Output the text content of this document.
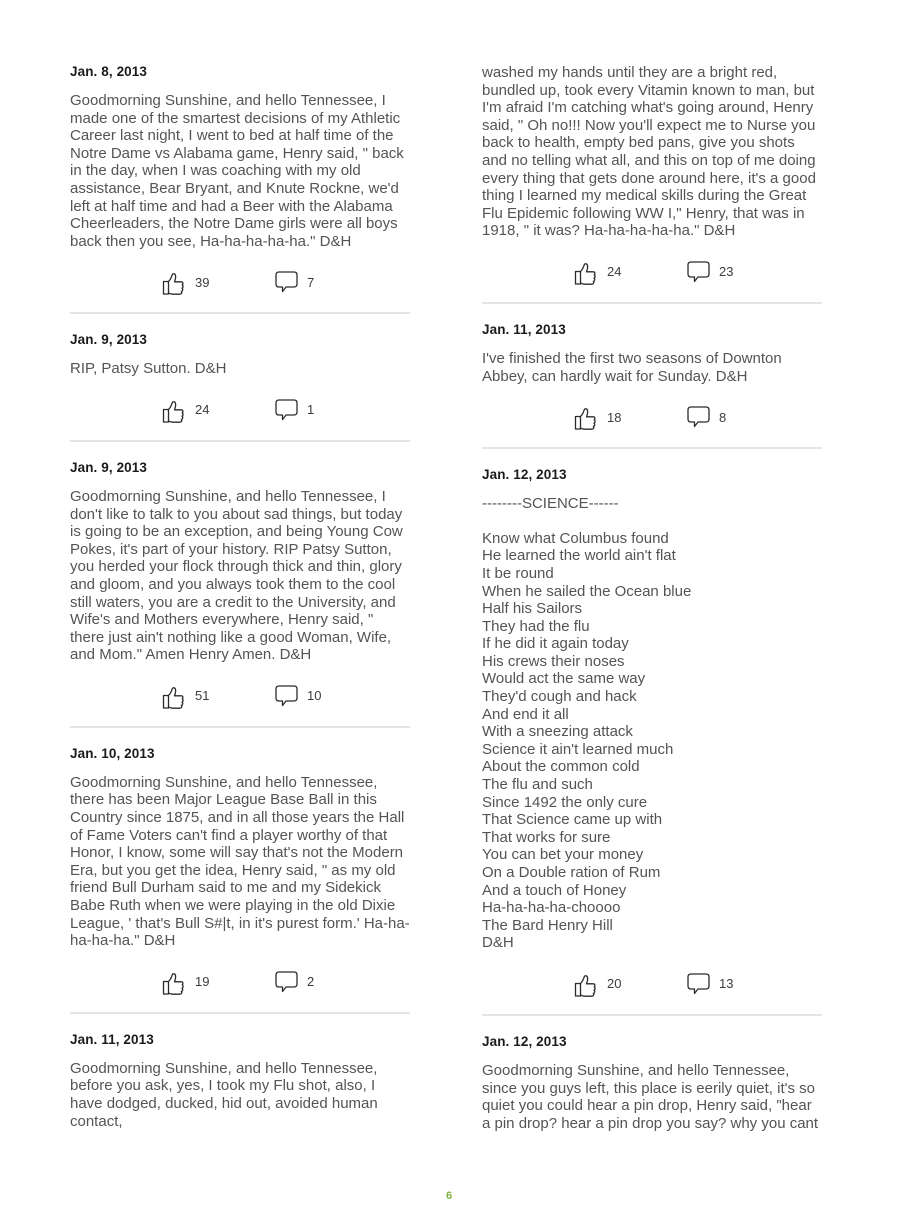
Jan. 8, 2013

Goodmorning Sunshine, and hello Tennessee, I made one of the smartest decisions of my Athletic Career last night, I went to bed at half time of the Notre Dame vs Alabama game, Henry said, " back in the day, when I was coaching with my old assistance, Bear Bryant, and Knute Rockne, we'd left at half time and had a Beer with the Alabama Cheerleaders, the Notre Dame girls were all boys back then you see, Ha-ha-ha-ha-ha." D&H

39	7
Jan. 9, 2013

RIP, Patsy Sutton. D&H

24	1
Jan. 9, 2013

Goodmorning Sunshine, and hello Tennessee, I don't like to talk to you about sad things, but today is going to be an exception, and being Young Cow Pokes, it's part of your history. RIP Patsy Sutton, you herded your flock through thick and thin, glory and gloom, and you always took them to the cool still waters, you are a credit to the University, and Wife's and Mothers everywhere, Henry said, " there just ain't nothing like a good Woman, Wife, and Mom." Amen Henry Amen. D&H

51	10
Jan. 10, 2013

Goodmorning Sunshine, and hello Tennessee, there has been Major League Base Ball in this Country since 1875, and in all those years the Hall of Fame Voters can't find a player worthy of that Honor, I know, some will say that's not the Modern Era, but you get the idea, Henry said, " as my old friend Bull Durham said to me and my Sidekick Babe Ruth when we were playing in the old Dixie League, ' that's Bull S#|t, in it's purest form.' Ha-ha-ha-ha-ha." D&H

19	2
Jan. 11, 2013

Goodmorning Sunshine, and hello Tennessee, before you ask, yes, I took my Flu shot, also, I have dodged, ducked, hid out, avoided human contact,

washed my hands until they are a bright red, bundled up, took every Vitamin known to man, but I'm afraid I'm catching what's going around, Henry said, " Oh no!!! Now you'll expect me to Nurse you back to health, empty bed pans, give you shots and no telling what all, and this on top of me doing every thing that gets done around here, it's a good thing I learned my medical skills during the Great Flu Epidemic following WW I," Henry, that was in 1918, " it was? Ha-ha-ha-ha-ha." D&H

24	23
Jan. 11, 2013

I've finished the first two seasons of Downton Abbey, can hardly wait for Sunday. D&H

18	8
Jan. 12, 2013

--------SCIENCE------

Know what Columbus found
He learned the world ain't flat
It be round
When he sailed the Ocean blue
Half his Sailors
They had the flu
If he did it again today
His crews their noses
Would act the same way
They'd cough and hack
And end it all
With a sneezing attack
Science it ain't learned much
About the common cold
The flu and such
Since 1492 the only cure
That Science came up with
That works for sure
You can bet your money
On a Double ration of Rum
And a touch of Honey
Ha-ha-ha-ha-choooo
The Bard Henry Hill
D&H
20	13
Jan. 12, 2013

Goodmorning Sunshine, and hello Tennessee, since you guys left, this place is eerily quiet, it's so quiet you could hear a pin drop, Henry said, "hear a pin drop? hear a pin drop you say? why you cant

6
